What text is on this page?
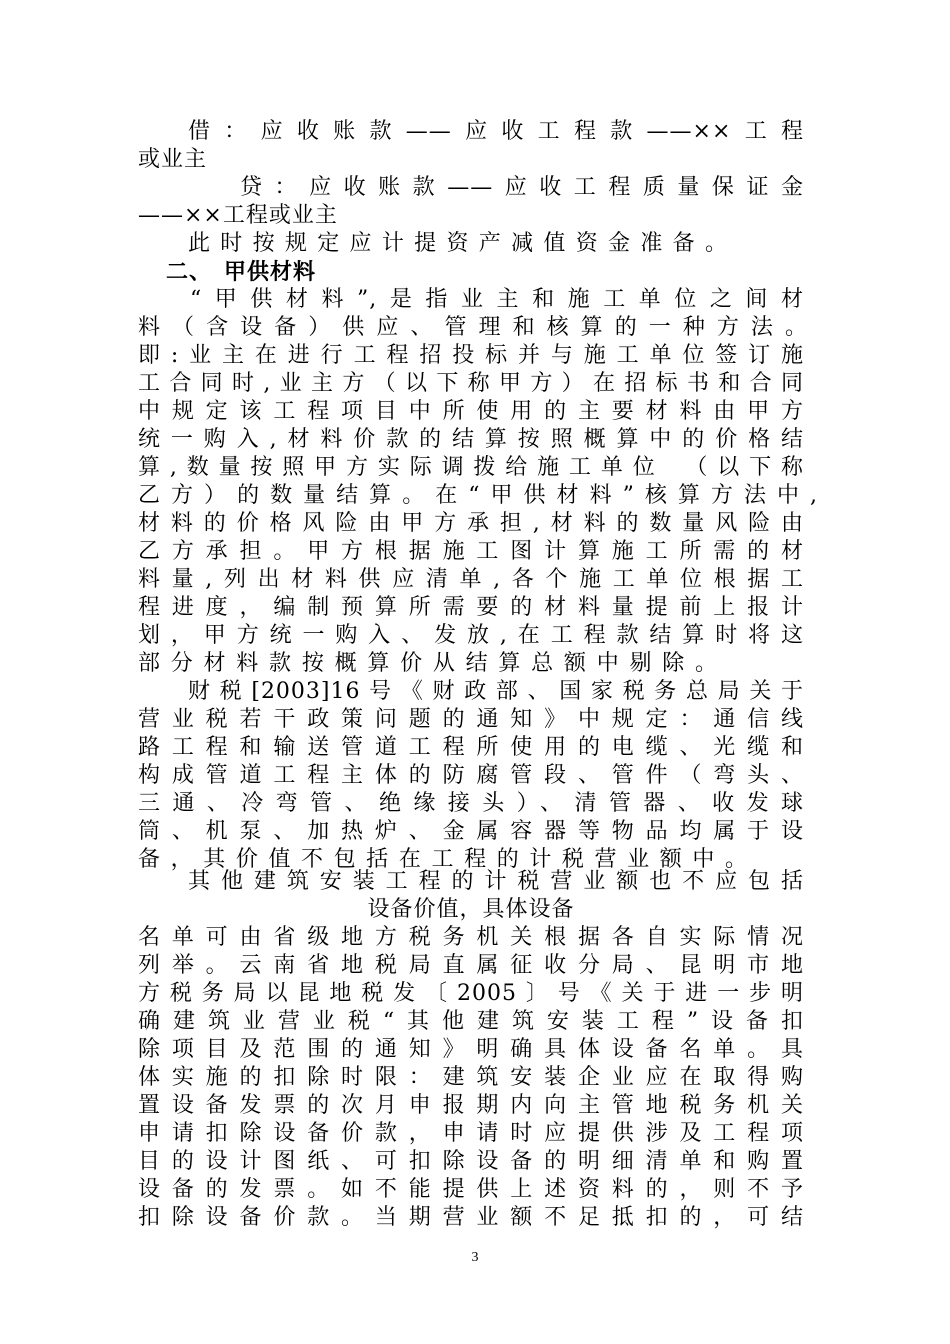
借：应收账款——应收工程款——××工程
或业主
贷：应收账款——应收工程质量保证金
——××工程或业主
此时按规定应计提资产减值资金准备。
二、　甲供材料
“甲供材料”,是指业主和施工单位之间材
料（含设备）供应、管理和核算的一种方法。
即:业主在进行工程招投标并与施工单位签订施
工合同时,业主方（以下称甲方）在招标书和合同
中规定该工程项目中所使用的主要材料由甲方
统一购入,材料价款的结算按照概算中的价格结
算,数量按照甲方实际调拨给施工单位　（以下称
乙方）的数量结算。在“甲供材料”核算方法中,
材料的价格风险由甲方承担,材料的数量风险由
乙方承担。甲方根据施工图计算施工所需的材
料量,列出材料供应清单,各个施工单位根据工
程进度，编制预算所需要的材料量提前上报计
划，甲方统一购入、发放,在工程款结算时将这
部分材料款按概算价从结算总额中剔除。
财税[2003]16号《财政部、国家税务总局关于
营业税若干政策问题的通知》中规定：通信线
路工程和输送管道工程所使用的电缆、光缆和
构成管道工程主体的防腐管段、管件（弯头、
三通、冷弯管、绝缘接头）、清管器、收发球
筒、机泵、加热炉、金属容器等物品均属于设
备，其价值不包括在工程的计税营业额中。
其他建筑安装工程的计税营业额也不应包括
设备价值，具体设备
名单可由省级地方税务机关根据各自实际情况
列举。云南省地税局直属征收分局、昆明市地
方税务局以昆地税发〔2005〕号《关于进一步明
确建筑业营业税“其他建筑安装工程”设备扣
除项目及范围的通知》明确具体设备名单。具
体实施的扣除时限：建筑安装企业应在取得购
置设备发票的次月申报期内向主管地税务机关
申请扣除设备价款，申请时应提供涉及工程项
目的设计图纸、可扣除设备的明细清单和购置
设备的发票。如不能提供上述资料的，则不予
扣除设备价款。当期营业额不足抵扣的，可结
3
